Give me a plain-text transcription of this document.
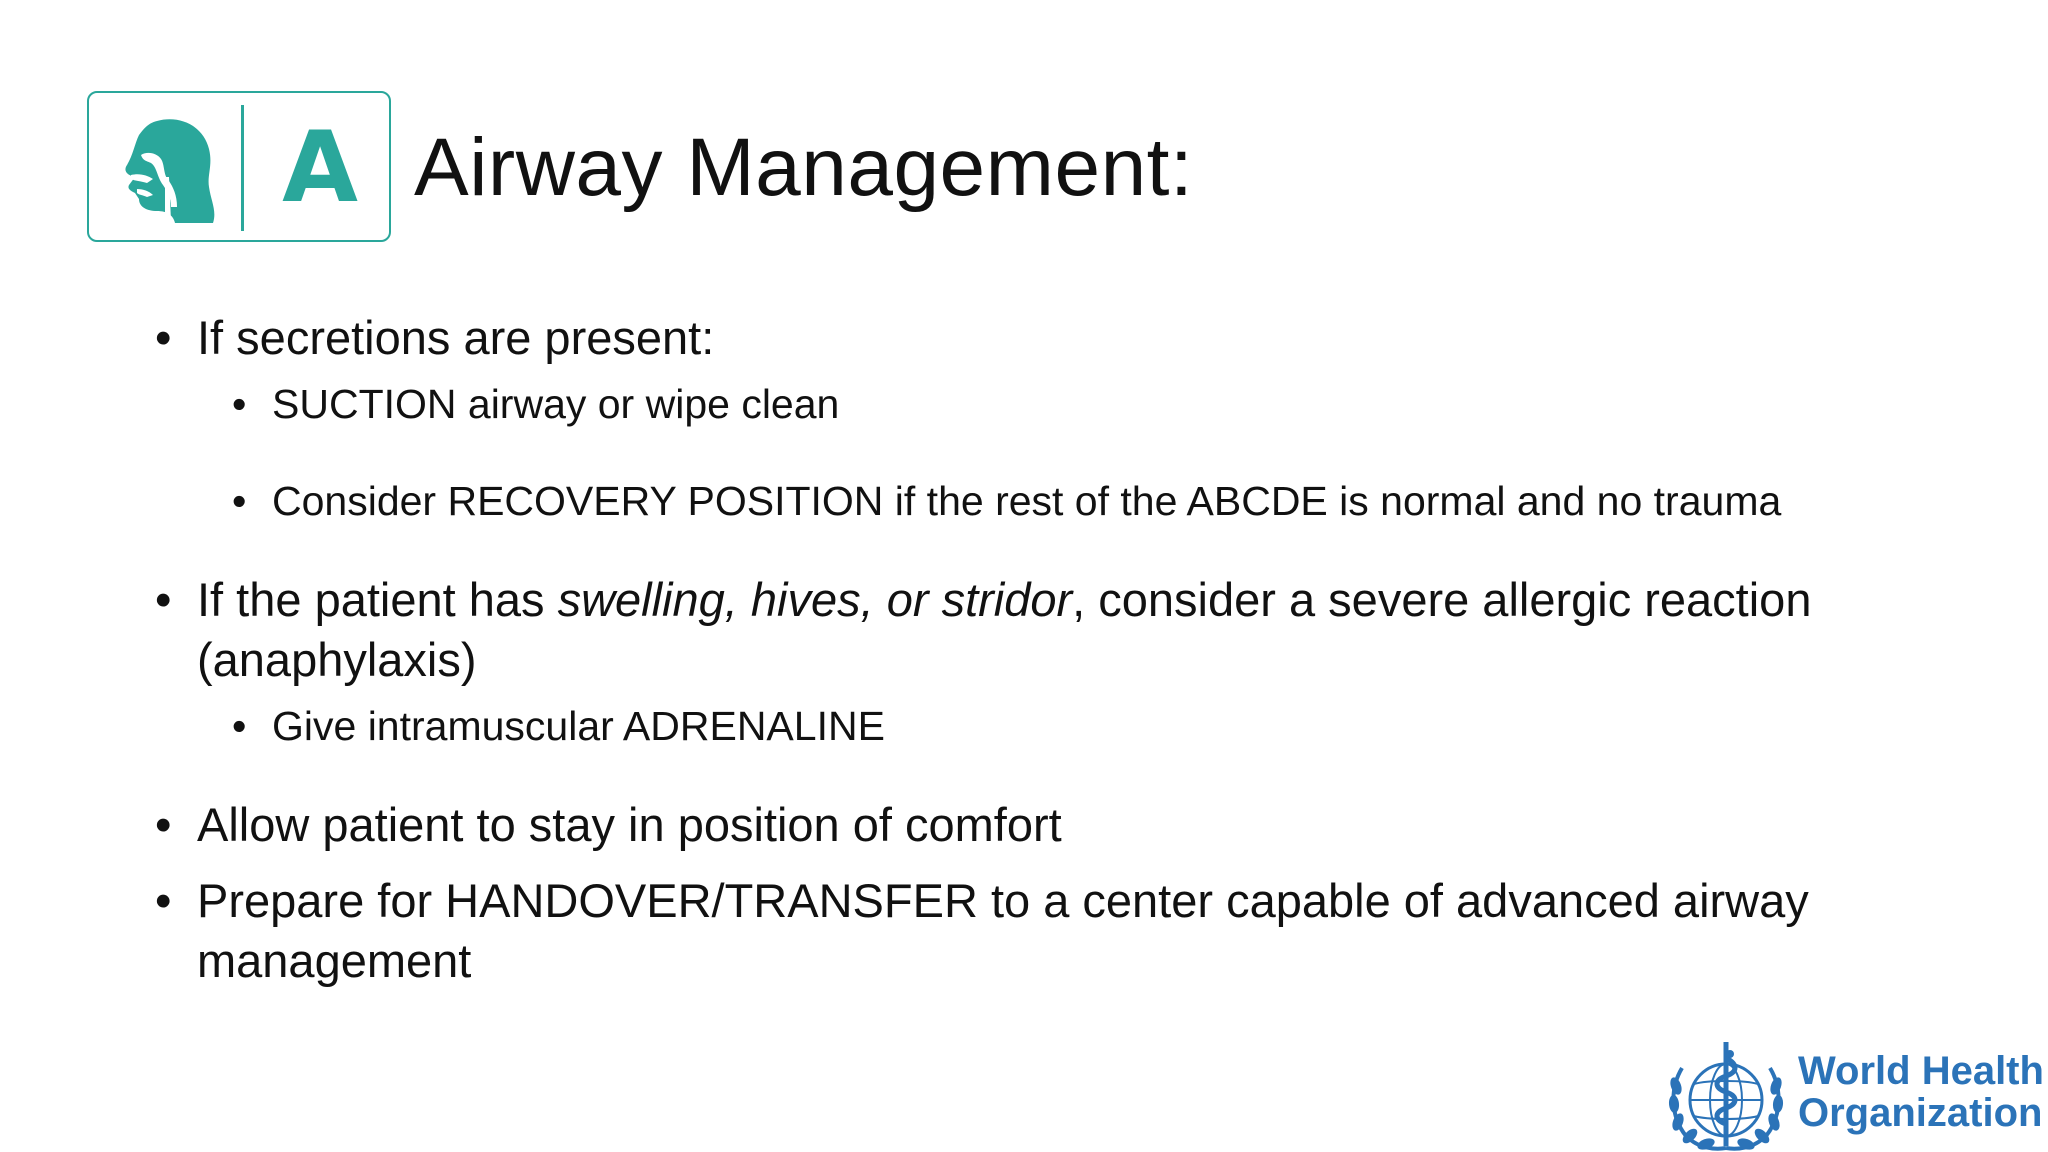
A Airway Management:

• If secretions are present:

• SUCTION airway or wipe clean

• Consider RECOVERY POSITION if the rest of the ABCDE is normal and no trauma

• If the patient has swelling, hives, or stridor, consider a severe allergic reaction (anaphylaxis)

• Give intramuscular ADRENALINE

• Allow patient to stay in position of comfort

• Prepare for HANDOVER/TRANSFER to a center capable of advanced airway management

World Health
Organization
